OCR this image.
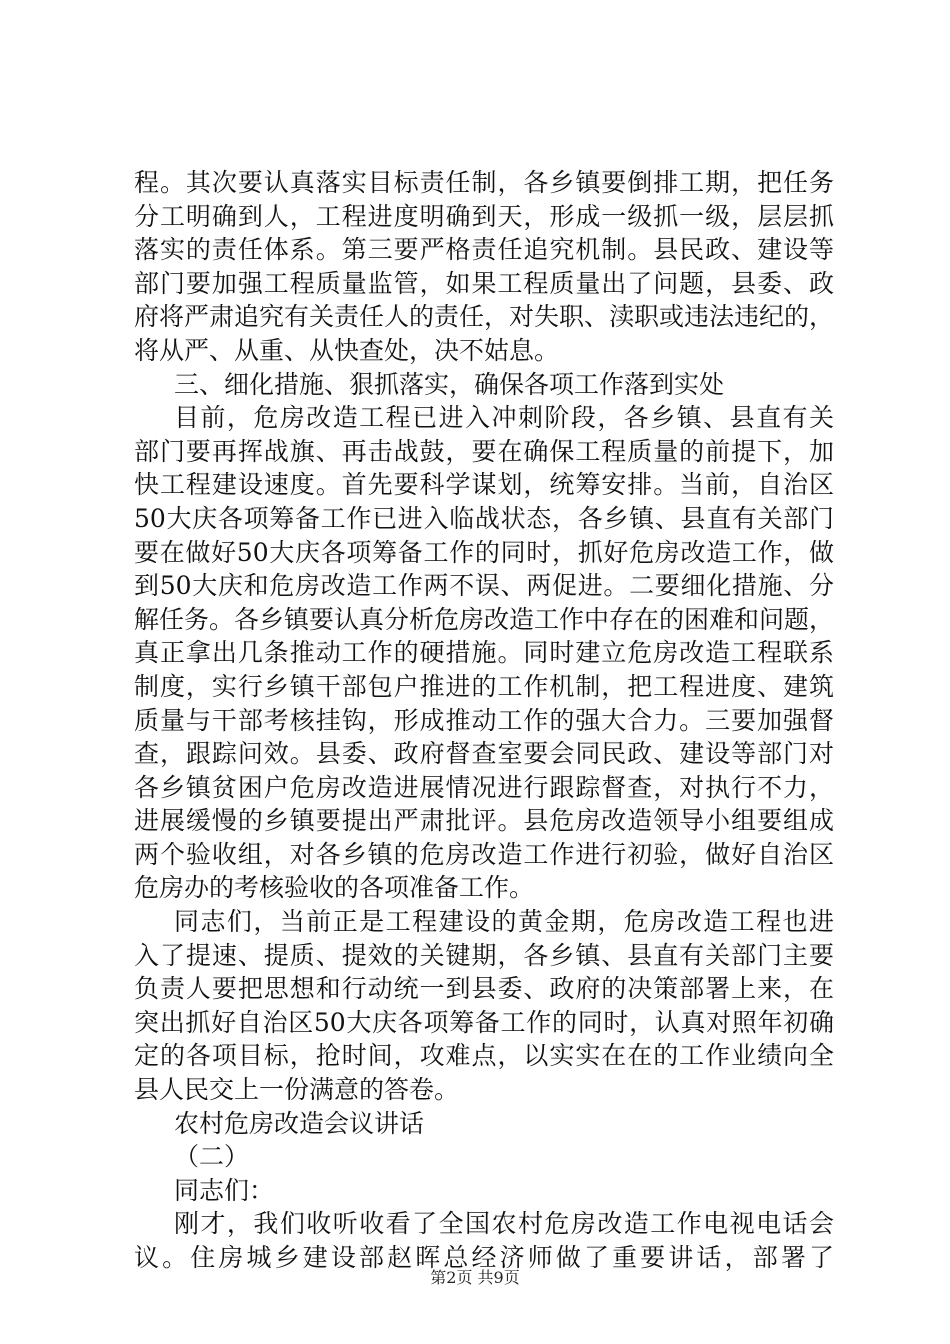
程。其次要认真落实目标责任制，各乡镇要倒排工期，把任务
分工明确到人，工程进度明确到天，形成一级抓一级，层层抓
落实的责任体系。第三要严格责任追究机制。县民政、建设等
部门要加强工程质量监管，如果工程质量出了问题，县委、政
府将严肃追究有关责任人的责任，对失职、渎职或违法违纪的，
将从严、从重、从快查处，决不姑息。
三、细化措施、狠抓落实，确保各项工作落到实处
目前，危房改造工程已进入冲刺阶段，各乡镇、县直有关
部门要再挥战旗、再击战鼓，要在确保工程质量的前提下，加
快工程建设速度。首先要科学谋划，统筹安排。当前，自治区
50大庆各项筹备工作已进入临战状态，各乡镇、县直有关部门
要在做好50大庆各项筹备工作的同时，抓好危房改造工作，做
到50大庆和危房改造工作两不误、两促进。二要细化措施、分
解任务。各乡镇要认真分析危房改造工作中存在的困难和问题，
真正拿出几条推动工作的硬措施。同时建立危房改造工程联系
制度，实行乡镇干部包户推进的工作机制，把工程进度、建筑
质量与干部考核挂钩，形成推动工作的强大合力。三要加强督
查，跟踪问效。县委、政府督查室要会同民政、建设等部门对
各乡镇贫困户危房改造进展情况进行跟踪督查，对执行不力，
进展缓慢的乡镇要提出严肃批评。县危房改造领导小组要组成
两个验收组，对各乡镇的危房改造工作进行初验，做好自治区
危房办的考核验收的各项准备工作。
同志们，当前正是工程建设的黄金期，危房改造工程也进
入了提速、提质、提效的关键期，各乡镇、县直有关部门主要
负责人要把思想和行动统一到县委、政府的决策部署上来，在
突出抓好自治区50大庆各项筹备工作的同时，认真对照年初确
定的各项目标，抢时间，攻难点，以实实在在的工作业绩向全
县人民交上一份满意的答卷。
农村危房改造会议讲话
（二）
同志们：
刚才，我们收听收看了全国农村危房改造工作电视电话会
议。住房城乡建设部赵晖总经济师做了重要讲话，部署了
第2页 共9页
